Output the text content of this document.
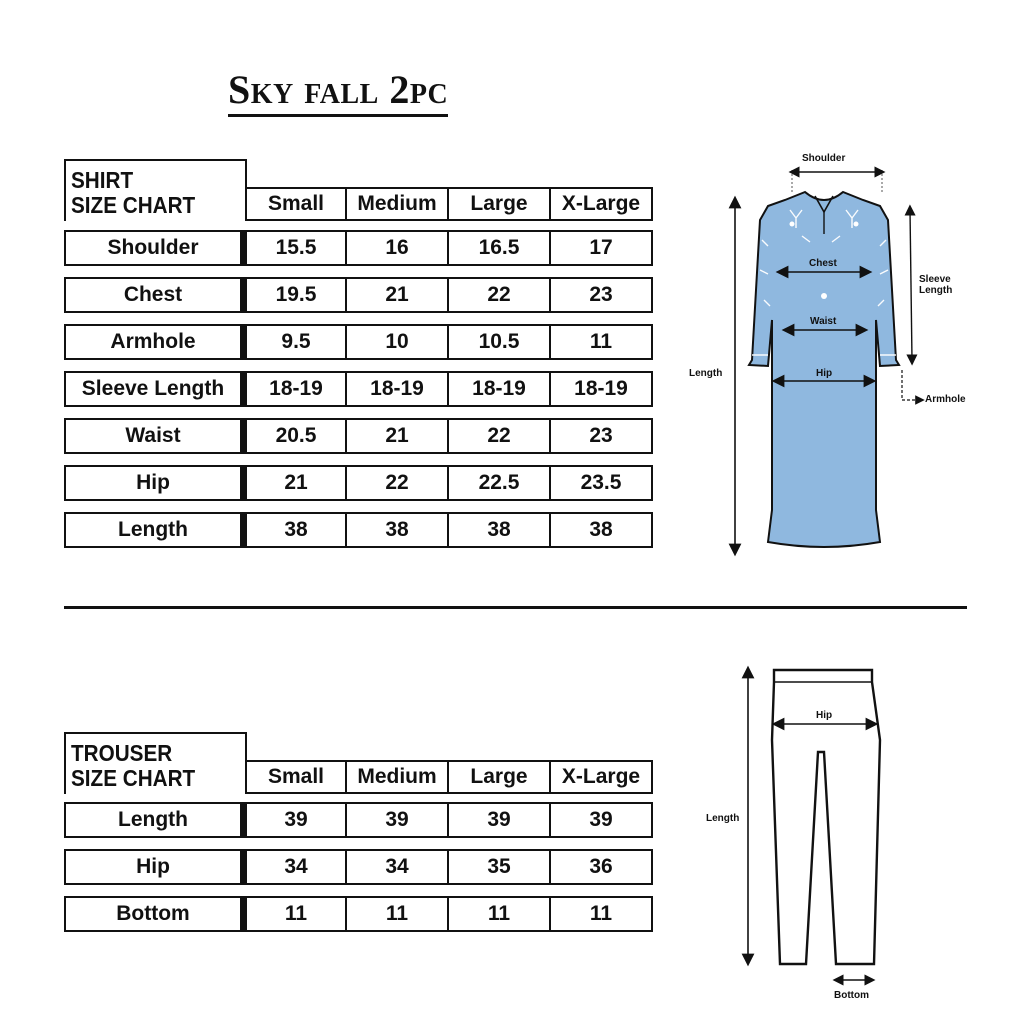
Sky fall 2pc
SHIRT
SIZE CHART	Small	Medium	Large	X-Large
Shoulder	15.5	16	16.5	17
Chest	19.5	21	22	23
Armhole	9.5	10	10.5	11
Sleeve Length	18-19	18-19	18-19	18-19
Waist	20.5	21	22	23
Hip	21	22	22.5	23.5
Length	38	38	38	38
Shoulder
Chest
Waist
Hip
Length
Sleeve Length
Armhole
TROUSER
SIZE CHART	Small	Medium	Large	X-Large
Length	39	39	39	39
Hip	34	34	35	36
Bottom	11	11	11	11
Hip
Length
Bottom
